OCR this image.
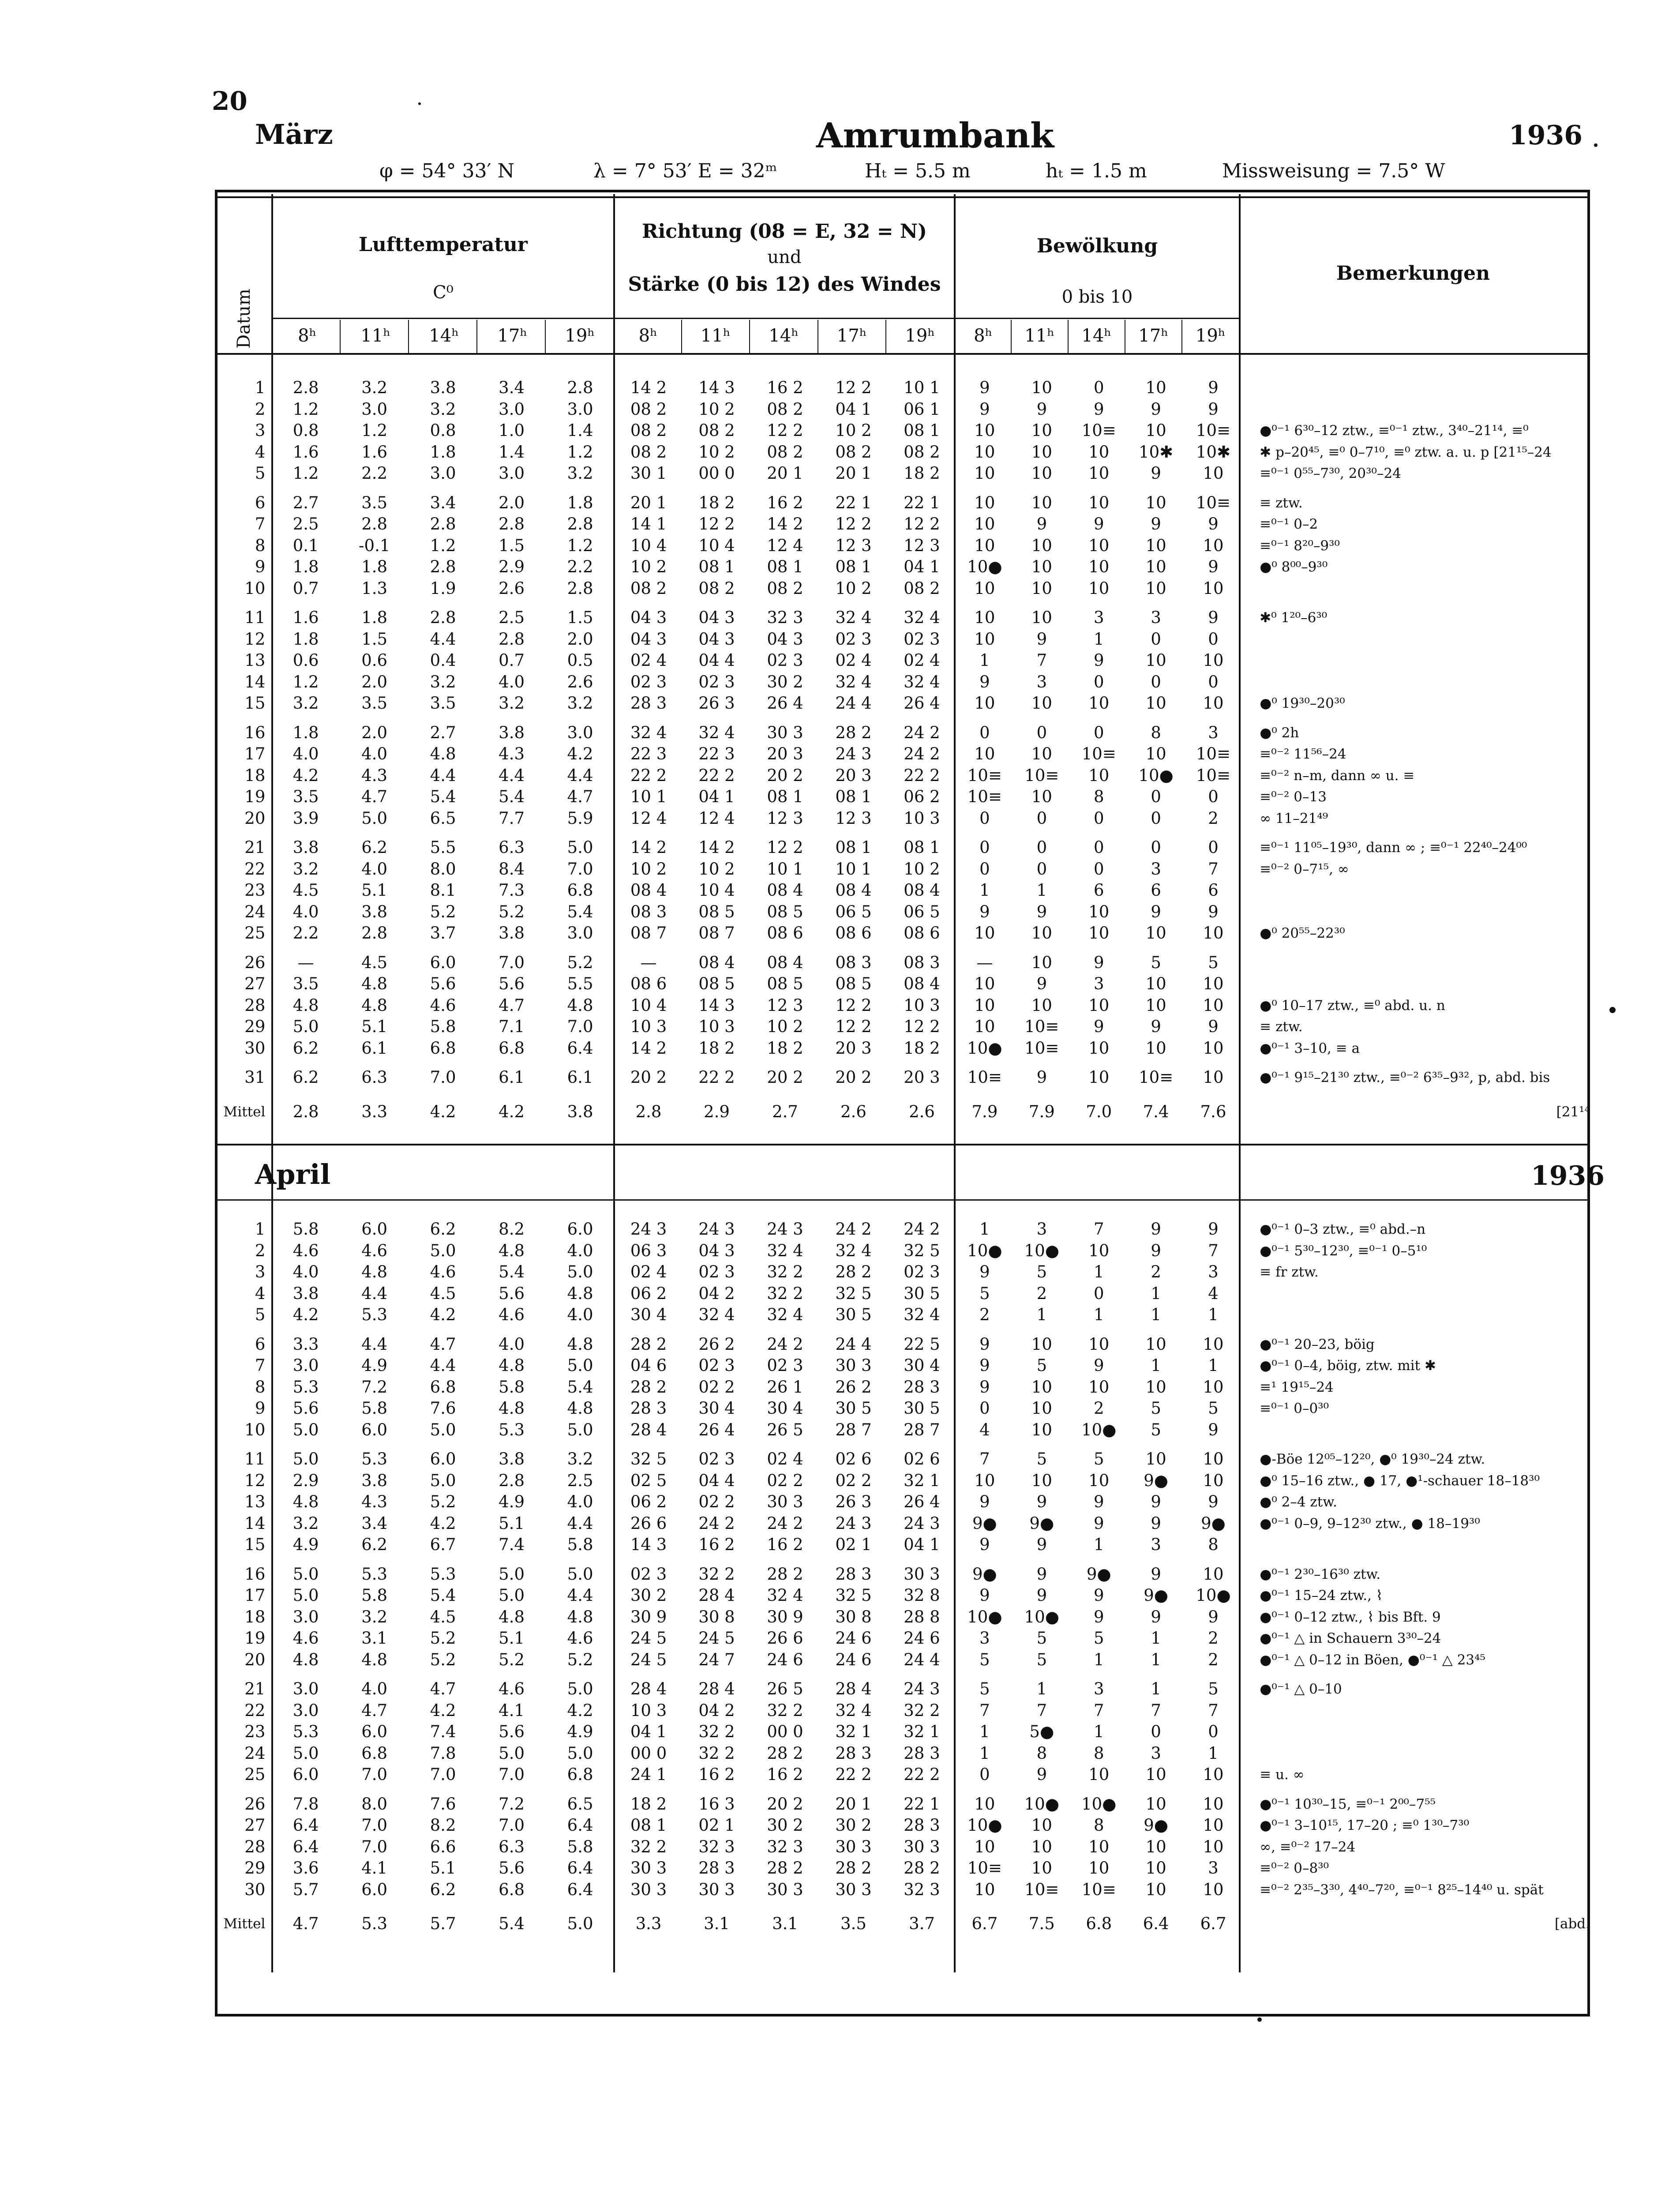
20
März	Amrumbank	1936
φ = 54° 33′ N	λ = 7° 53′ E = 32ᵐ	Hₜ = 5.5 m	hₜ = 1.5 m	Missweisung = 7.5° W
Datum
Lufttemperatur
C⁰
Richtung (08 = E, 32 = N)
und
Stärke (0 bis 12) des Windes
Bewölkung
0 bis 10
Bemerkungen
8ʰ	11ʰ	14ʰ	17ʰ	19ʰ	8ʰ	11ʰ	14ʰ	17ʰ	19ʰ	8ʰ	11ʰ	14ʰ	17ʰ	19ʰ
1	2.8	3.2	3.8	3.4	2.8	14 2	14 3	16 2	12 2	10 1	9	10	0	10	9	
2	1.2	3.0	3.2	3.0	3.0	08 2	10 2	08 2	04 1	06 1	9	9	9	9	9	
3	0.8	1.2	0.8	1.0	1.4	08 2	08 2	12 2	10 2	08 1	10	10	10≡	10	10≡	●⁰⁻¹ 6³⁰–12 ztw., ≡⁰⁻¹ ztw., 3⁴⁰–21¹⁴, ≡⁰
4	1.6	1.6	1.8	1.4	1.2	08 2	10 2	08 2	08 2	08 2	10	10	10	10✱	10✱	✱ p–20⁴⁵, ≡⁰ 0–7¹⁰, ≡⁰ ztw. a. u. p [21¹⁵–24
5	1.2	2.2	3.0	3.0	3.2	30 1	00 0	20 1	20 1	18 2	10	10	10	9	10	≡⁰⁻¹ 0⁵⁵–7³⁰, 20³⁰–24

6	2.7	3.5	3.4	2.0	1.8	20 1	18 2	16 2	22 1	22 1	10	10	10	10	10≡	≡ ztw.
7	2.5	2.8	2.8	2.8	2.8	14 1	12 2	14 2	12 2	12 2	10	9	9	9	9	≡⁰⁻¹ 0–2
8	0.1	-0.1	1.2	1.5	1.2	10 4	10 4	12 4	12 3	12 3	10	10	10	10	10	≡⁰⁻¹ 8²⁰–9³⁰
9	1.8	1.8	2.8	2.9	2.2	10 2	08 1	08 1	08 1	04 1	10●	10	10	10	9	●⁰ 8⁰⁰–9³⁰
10	0.7	1.3	1.9	2.6	2.8	08 2	08 2	08 2	10 2	08 2	10	10	10	10	10	

11	1.6	1.8	2.8	2.5	1.5	04 3	04 3	32 3	32 4	32 4	10	10	3	3	9	✱⁰ 1²⁰–6³⁰
12	1.8	1.5	4.4	2.8	2.0	04 3	04 3	04 3	02 3	02 3	10	9	1	0	0	
13	0.6	0.6	0.4	0.7	0.5	02 4	04 4	02 3	02 4	02 4	1	7	9	10	10	
14	1.2	2.0	3.2	4.0	2.6	02 3	02 3	30 2	32 4	32 4	9	3	0	0	0	
15	3.2	3.5	3.5	3.2	3.2	28 3	26 3	26 4	24 4	26 4	10	10	10	10	10	●⁰ 19³⁰–20³⁰

16	1.8	2.0	2.7	3.8	3.0	32 4	32 4	30 3	28 2	24 2	0	0	0	8	3	●⁰ 2h
17	4.0	4.0	4.8	4.3	4.2	22 3	22 3	20 3	24 3	24 2	10	10	10≡	10	10≡	≡⁰⁻² 11⁵⁶–24
18	4.2	4.3	4.4	4.4	4.4	22 2	22 2	20 2	20 3	22 2	10≡	10≡	10	10●	10≡	≡⁰⁻² n–m, dann ∞ u. ≡
19	3.5	4.7	5.4	5.4	4.7	10 1	04 1	08 1	08 1	06 2	10≡	10	8	0	0	≡⁰⁻² 0–13
20	3.9	5.0	6.5	7.7	5.9	12 4	12 4	12 3	12 3	10 3	0	0	0	0	2	∞ 11–21⁴⁹

21	3.8	6.2	5.5	6.3	5.0	14 2	14 2	12 2	08 1	08 1	0	0	0	0	0	≡⁰⁻¹ 11⁰⁵–19³⁰, dann ∞ ; ≡⁰⁻¹ 22⁴⁰–24⁰⁰
22	3.2	4.0	8.0	8.4	7.0	10 2	10 2	10 1	10 1	10 2	0	0	0	3	7	≡⁰⁻² 0–7¹⁵, ∞
23	4.5	5.1	8.1	7.3	6.8	08 4	10 4	08 4	08 4	08 4	1	1	6	6	6	
24	4.0	3.8	5.2	5.2	5.4	08 3	08 5	08 5	06 5	06 5	9	9	10	9	9	
25	2.2	2.8	3.7	3.8	3.0	08 7	08 7	08 6	08 6	08 6	10	10	10	10	10	●⁰ 20⁵⁵–22³⁰

26	—	4.5	6.0	7.0	5.2	—	08 4	08 4	08 3	08 3	—	10	9	5	5	
27	3.5	4.8	5.6	5.6	5.5	08 6	08 5	08 5	08 5	08 4	10	9	3	10	10	
28	4.8	4.8	4.6	4.7	4.8	10 4	14 3	12 3	12 2	10 3	10	10	10	10	10	●⁰ 10–17 ztw., ≡⁰ abd. u. n
29	5.0	5.1	5.8	7.1	7.0	10 3	10 3	10 2	12 2	12 2	10	10≡	9	9	9	≡ ztw.
30	6.2	6.1	6.8	6.8	6.4	14 2	18 2	18 2	20 3	18 2	10●	10≡	10	10	10	●⁰⁻¹ 3–10, ≡ a

31	6.2	6.3	7.0	6.1	6.1	20 2	22 2	20 2	20 2	20 3	10≡	9	10	10≡	10	●⁰⁻¹ 9¹⁵–21³⁰ ztw., ≡⁰⁻² 6³⁵–9³², p, abd. bis

Mittel	2.8	3.3	4.2	4.2	3.8	2.8	2.9	2.7	2.6	2.6	7.9	7.9	7.0	7.4	7.6	[21¹⁴
April	1936
1	5.8	6.0	6.2	8.2	6.0	24 3	24 3	24 3	24 2	24 2	1	3	7	9	9	●⁰⁻¹ 0–3 ztw., ≡⁰ abd.–n
2	4.6	4.6	5.0	4.8	4.0	06 3	04 3	32 4	32 4	32 5	10●	10●	10	9	7	●⁰⁻¹ 5³⁰–12³⁰, ≡⁰⁻¹ 0–5¹⁰
3	4.0	4.8	4.6	5.4	5.0	02 4	02 3	32 2	28 2	02 3	9	5	1	2	3	≡ fr ztw.
4	3.8	4.4	4.5	5.6	4.8	06 2	04 2	32 2	32 5	30 5	5	2	0	1	4	
5	4.2	5.3	4.2	4.6	4.0	30 4	32 4	32 4	30 5	32 4	2	1	1	1	1	

6	3.3	4.4	4.7	4.0	4.8	28 2	26 2	24 2	24 4	22 5	9	10	10	10	10	●⁰⁻¹ 20–23, böig
7	3.0	4.9	4.4	4.8	5.0	04 6	02 3	02 3	30 3	30 4	9	5	9	1	1	●⁰⁻¹ 0–4, böig, ztw. mit ✱
8	5.3	7.2	6.8	5.8	5.4	28 2	02 2	26 1	26 2	28 3	9	10	10	10	10	≡¹ 19¹⁵–24
9	5.6	5.8	7.6	4.8	4.8	28 3	30 4	30 4	30 5	30 5	0	10	2	5	5	≡⁰⁻¹ 0–0³⁰
10	5.0	6.0	5.0	5.3	5.0	28 4	26 4	26 5	28 7	28 7	4	10	10●	5	9	

11	5.0	5.3	6.0	3.8	3.2	32 5	02 3	02 4	02 6	02 6	7	5	5	10	10	●-Böe 12⁰⁵–12²⁰, ●⁰ 19³⁰–24 ztw.
12	2.9	3.8	5.0	2.8	2.5	02 5	04 4	02 2	02 2	32 1	10	10	10	9●	10	●⁰ 15–16 ztw., ● 17, ●¹-schauer 18–18³⁰
13	4.8	4.3	5.2	4.9	4.0	06 2	02 2	30 3	26 3	26 4	9	9	9	9	9	●⁰ 2–4 ztw.
14	3.2	3.4	4.2	5.1	4.4	26 6	24 2	24 2	24 3	24 3	9●	9●	9	9	9●	●⁰⁻¹ 0–9, 9–12³⁰ ztw., ● 18–19³⁰
15	4.9	6.2	6.7	7.4	5.8	14 3	16 2	16 2	02 1	04 1	9	9	1	3	8	

16	5.0	5.3	5.3	5.0	5.0	02 3	32 2	28 2	28 3	30 3	9●	9	9●	9	10	●⁰⁻¹ 2³⁰–16³⁰ ztw.
17	5.0	5.8	5.4	5.0	4.4	30 2	28 4	32 4	32 5	32 8	9	9	9	9●	10●	●⁰⁻¹ 15–24 ztw., ⌇
18	3.0	3.2	4.5	4.8	4.8	30 9	30 8	30 9	30 8	28 8	10●	10●	9	9	9	●⁰⁻¹ 0–12 ztw., ⌇ bis Bft. 9
19	4.6	3.1	5.2	5.1	4.6	24 5	24 5	26 6	24 6	24 6	3	5	5	1	2	●⁰⁻¹ △ in Schauern 3³⁰–24
20	4.8	4.8	5.2	5.2	5.2	24 5	24 7	24 6	24 6	24 4	5	5	1	1	2	●⁰⁻¹ △ 0–12 in Böen, ●⁰⁻¹ △ 23⁴⁵

21	3.0	4.0	4.7	4.6	5.0	28 4	28 4	26 5	28 4	24 3	5	1	3	1	5	●⁰⁻¹ △ 0–10
22	3.0	4.7	4.2	4.1	4.2	10 3	04 2	32 2	32 4	32 2	7	7	7	7	7	
23	5.3	6.0	7.4	5.6	4.9	04 1	32 2	00 0	32 1	32 1	1	5●	1	0	0	
24	5.0	6.8	7.8	5.0	5.0	00 0	32 2	28 2	28 3	28 3	1	8	8	3	1	
25	6.0	7.0	7.0	7.0	6.8	24 1	16 2	16 2	22 2	22 2	0	9	10	10	10	≡ u. ∞

26	7.8	8.0	7.6	7.2	6.5	18 2	16 3	20 2	20 1	22 1	10	10●	10●	10	10	●⁰⁻¹ 10³⁰–15, ≡⁰⁻¹ 2⁰⁰–7⁵⁵
27	6.4	7.0	8.2	7.0	6.4	08 1	02 1	30 2	30 2	28 3	10●	10	8	9●	10	●⁰⁻¹ 3–10¹⁵, 17–20 ; ≡⁰ 1³⁰–7³⁰
28	6.4	7.0	6.6	6.3	5.8	32 2	32 3	32 3	30 3	30 3	10	10	10	10	10	∞, ≡⁰⁻² 17–24
29	3.6	4.1	5.1	5.6	6.4	30 3	28 3	28 2	28 2	28 2	10≡	10	10	10	3	≡⁰⁻² 0–8³⁰
30	5.7	6.0	6.2	6.8	6.4	30 3	30 3	30 3	30 3	32 3	10	10≡	10≡	10	10	≡⁰⁻² 2³⁵–3³⁰, 4⁴⁰–7²⁰, ≡⁰⁻¹ 8²⁵–14⁴⁰ u. spät

Mittel	4.7	5.3	5.7	5.4	5.0	3.3	3.1	3.1	3.5	3.7	6.7	7.5	6.8	6.4	6.7	[abd.
